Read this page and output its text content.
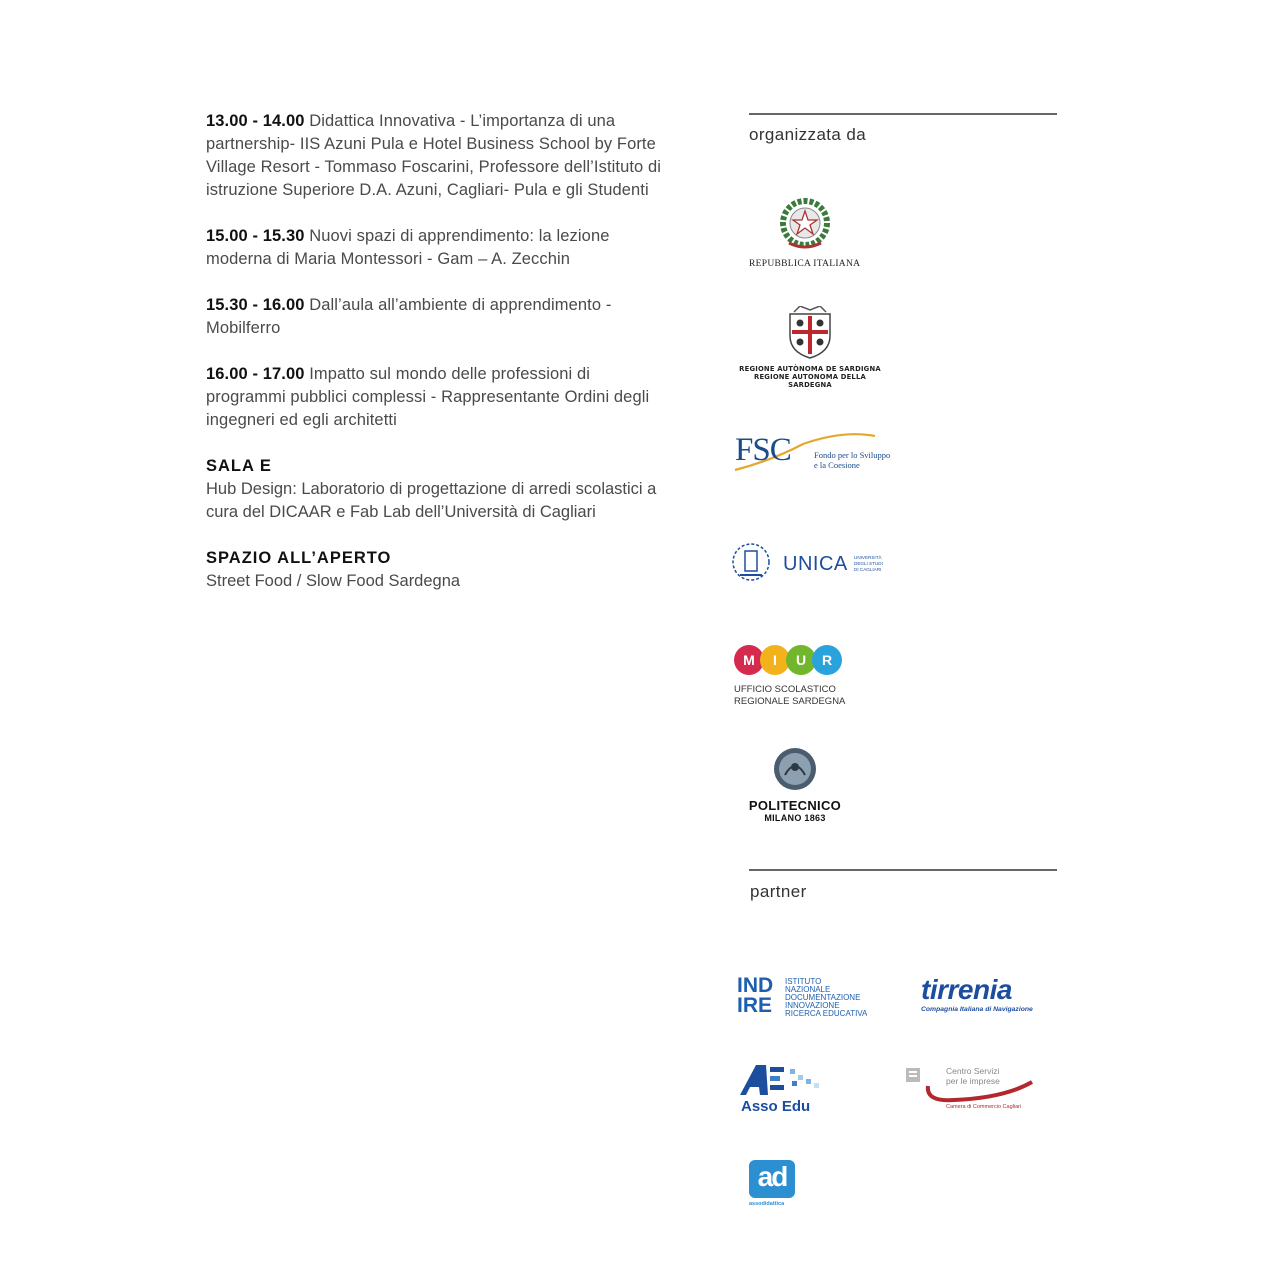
13.00 - 14.00 Didattica Innovativa - L’importanza di una partnership- IIS Azuni Pula e Hotel Business School by Forte Village Resort - Tommaso Foscarini, Professore dell’Istituto di istruzione Superiore D.A. Azuni, Cagliari- Pula e gli Studenti

15.00 - 15.30 Nuovi spazi di apprendimento: la lezione moderna di Maria Montessori - Gam – A. Zecchin

15.30 - 16.00 Dall’aula all’ambiente di apprendimento - Mobilferro

16.00 - 17.00 Impatto sul mondo delle professioni di programmi pubblici complessi - Rappresentante Ordini degli ingegneri ed egli architetti

SALA E
Hub Design: Laboratorio di progettazione di arredi scolastici a cura del DICAAR e Fab Lab dell’Università di Cagliari
SPAZIO ALL’APERTO
Street Food / Slow Food Sardegna
organizzata da
REPUBBLICA ITALIANA
REGIONE AUTÒNOMA DE SARDIGNA
REGIONE AUTONOMA DELLA SARDEGNA
FSC	Fondo per lo Sviluppo
e la Coesione
UNICA UNIVERSITÀ
DEGLI STUDI
DI CAGLIARI
M	I	U	R
UFFICIO SCOLASTICO
REGIONALE SARDEGNA
POLITECNICO
MILANO 1863
partner
IND
IRE
ISTITUTO
NAZIONALE
DOCUMENTAZIONE
INNOVAZIONE
RICERCA EDUCATIVA
tirrenia
Compagnia Italiana di Navigazione
Asso Edu
Centro Servizi
per le imprese
Camera di Commercio Cagliari
ad
assodidattica
